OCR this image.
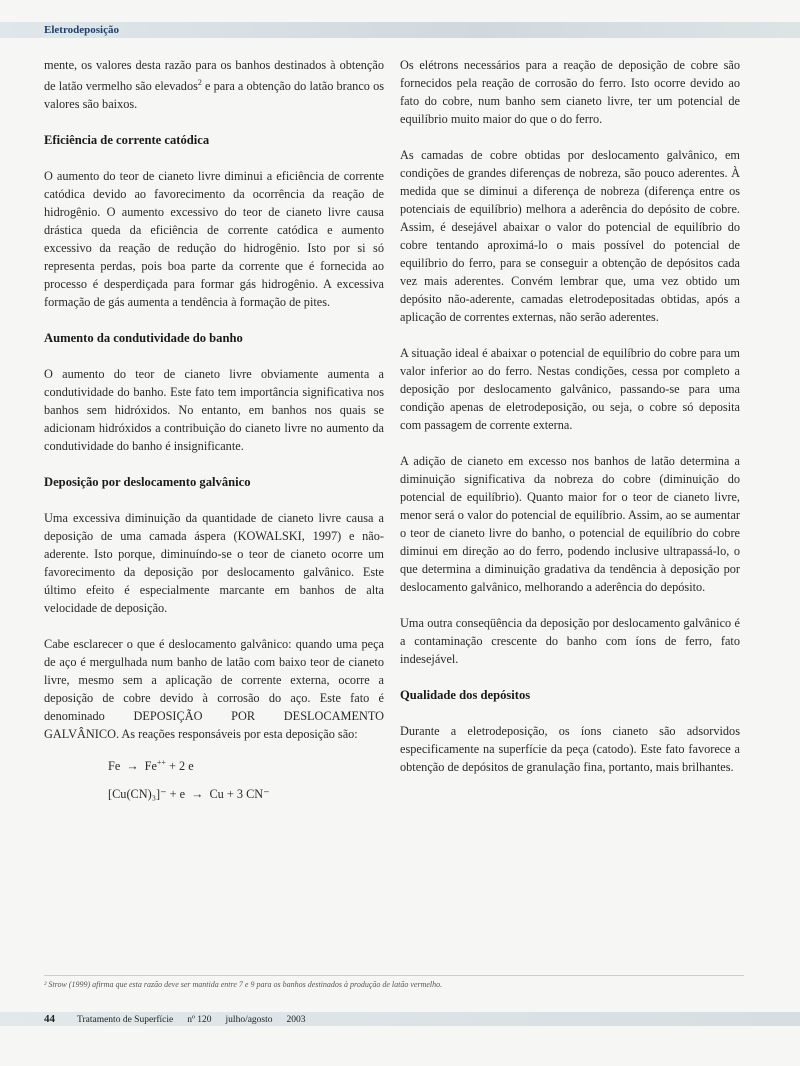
Eletrodeposição

mente, os valores desta razão para os banhos destinados à obtenção de latão vermelho são elevados$^2$ e para a obtenção do latão branco os valores são baixos.

Eficiência de corrente catódica

O aumento do teor de cianeto livre diminui a eficiência de corrente catódica devido ao favorecimento da ocorrência da reação de hidrogênio. O aumento excessivo do teor de cianeto livre causa drástica queda da eficiência de corrente catódica e aumento excessivo da reação de redução do hidrogênio. Isto por si só representa perdas, pois boa parte da corrente que é fornecida ao processo é desperdiçada para formar gás hidrogênio. A excessiva formação de gás aumenta a tendência à formação de pites.

Aumento da condutividade do banho

O aumento do teor de cianeto livre obviamente aumenta a condutividade do banho. Este fato tem importância significativa nos banhos sem hidróxidos. No entanto, em banhos nos quais se adicionam hidróxidos a contribuição do cianeto livre no aumento da condutividade do banho é insignificante.

Deposição por deslocamento galvânico

Uma excessiva diminuição da quantidade de cianeto livre causa a deposição de uma camada áspera (KOWALSKI, 1997) e não-aderente. Isto porque, diminuíndo-se o teor de cianeto ocorre um favorecimento da deposição por deslocamento galvânico. Este último efeito é especialmente marcante em banhos de alta velocidade de deposição.

Cabe esclarecer o que é deslocamento galvânico: quando uma peça de aço é mergulhada num banho de latão com baixo teor de cianeto livre, mesmo sem a aplicação de corrente externa, ocorre a deposição de cobre devido à corrosão do aço. Este fato é denominado DEPOSIÇÃO POR DESLOCAMENTO GALVÂNICO. As reações responsáveis por esta deposição são:

Fe → Fe++ + 2 e
[Cu(CN)₃]⁻ + e → Cu + 3 CN⁻

Os elétrons necessários para a reação de deposição de cobre são fornecidos pela reação de corrosão do ferro. Isto ocorre devido ao fato do cobre, num banho sem cianeto livre, ter um potencial de equilíbrio muito maior do que o do ferro.

As camadas de cobre obtidas por deslocamento galvânico, em condições de grandes diferenças de nobreza, são pouco aderentes. À medida que se diminui a diferença de nobreza (diferença entre os potenciais de equilíbrio) melhora a aderência do depósito de cobre. Assim, é desejável abaixar o valor do potencial de equilíbrio do cobre tentando aproximá-lo o mais possível do potencial de equilíbrio do ferro, para se conseguir a obtenção de depósitos cada vez mais aderentes. Convém lembrar que, uma vez obtido um depósito não-aderente, camadas eletrodepositadas obtidas, após a aplicação de correntes externas, não serão aderentes.

A situação ideal é abaixar o potencial de equilíbrio do cobre para um valor inferior ao do ferro. Nestas condições, cessa por completo a deposição por deslocamento galvânico, passando-se para uma condição apenas de eletrodeposição, ou seja, o cobre só deposita com passagem de corrente externa.

A adição de cianeto em excesso nos banhos de latão determina a diminuição significativa da nobreza do cobre (diminuição do potencial de equilíbrio). Quanto maior for o teor de cianeto livre, menor será o valor do potencial de equilíbrio. Assim, ao se aumentar o teor de cianeto livre do banho, o potencial de equilíbrio do cobre diminui em direção ao do ferro, podendo inclusive ultrapassá-lo, o que determina a diminuição gradativa da tendência à deposição por deslocamento galvânico, melhorando a aderência do depósito.

Uma outra conseqüência da deposição por deslocamento galvânico é a contaminação crescente do banho com íons de ferro, fato indesejável.

Qualidade dos depósitos

Durante a eletrodeposição, os íons cianeto são adsorvidos especificamente na superfície da peça (catodo). Este fato favorece a obtenção de depósitos de granulação fina, portanto, mais brilhantes.

² Strow (1999) afirma que esta razão deve ser mantida entre 7 e 9 para os banhos destinados à produção de latão vermelho.
44 Tratamento de Superfície nº 120 julho/agosto 2003
